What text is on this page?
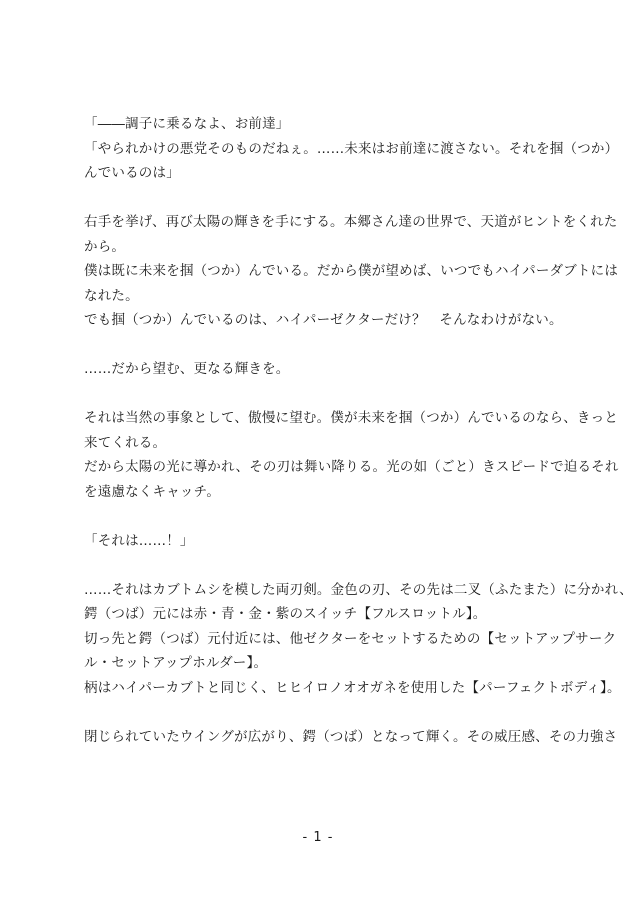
「――調子に乗るなよ、お前達」
「やられかけの悪党そのものだねぇ。……未来はお前達に渡さない。それを掴（つか）
んでいるのは」
右手を挙げ、再び太陽の輝きを手にする。本郷さん達の世界で、天道がヒントをくれた
から。
僕は既に未来を掴（つか）んでいる。だから僕が望めば、いつでもハイパーダブトには
なれた。
でも掴（つか）んでいるのは、ハイパーゼクターだけ？　そんなわけがない。
……だから望む、更なる輝きを。
それは当然の事象として、傲慢に望む。僕が未来を掴（つか）んでいるのなら、きっと
来てくれる。
だから太陽の光に導かれ、その刃は舞い降りる。光の如（ごと）きスピードで迫るそれ
を遠慮なくキャッチ。
「それは……！」
……それはカブトムシを模した両刃剣。金色の刃、その先は二叉（ふたまた）に分かれ、
鍔（つば）元には赤・青・金・紫のスイッチ【フルスロットル】。
切っ先と鍔（つば）元付近には、他ゼクターをセットするための【セットアップサーク
ル・セットアップホルダー】。
柄はハイパーカブトと同じく、ヒヒイロノオオガネを使用した【パーフェクトボディ】。
閉じられていたウイングが広がり、鍔（つば）となって輝く。その威圧感、その力強さ
- 1 -
